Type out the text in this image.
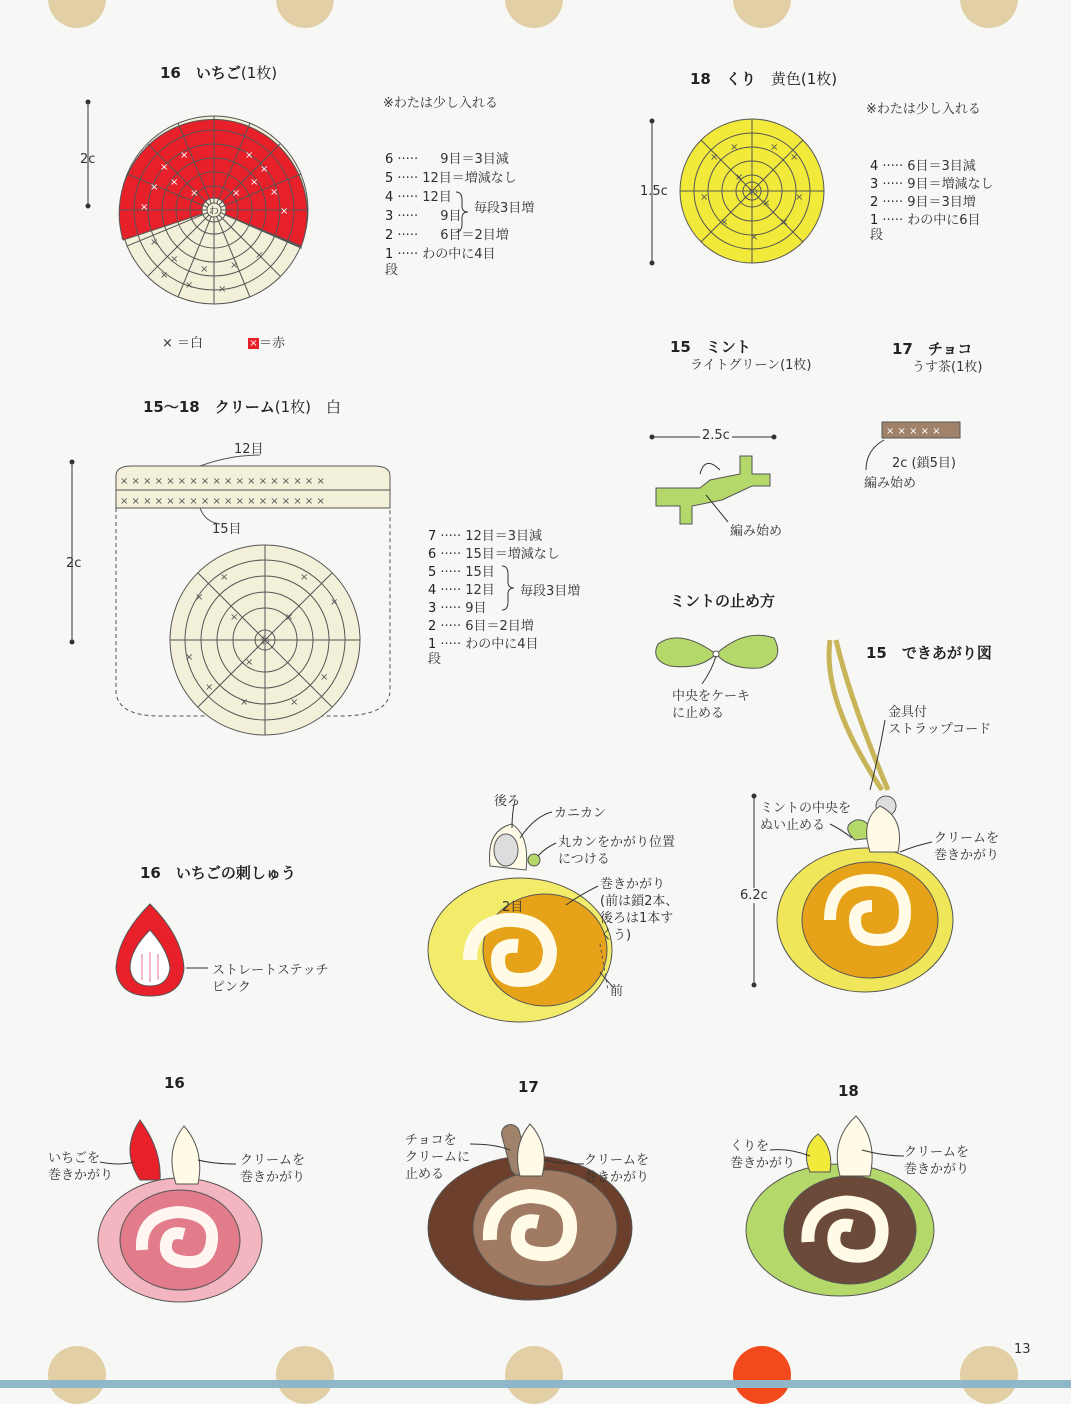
×
×	×
×
× ×	×
×
×	×
×	×
×
×
× ×
×
× ×
×
わ
×
×	×
×
×
×
×
×
×
×
×
わ
× × × × × × × × × × × × × × × × × ×
× × × × × × × × × × × × × × × × × ×
×
×	×
×
×
×
×	×
×
×	×
×
わ
× × × × ×
16　いちご(1枚)
※わたは少し入れる
2c	6 ····· 9目＝3目減
5 ····· 12目＝増減なし
4 ····· 12目
3 ····· 9目
2 ····· 6目＝2目増
1 ····· わの中に4目
段
毎段3目増
× ＝白	×＝赤
18　くり　 黄色(1枚)
※わたは少し入れる
1.5c
4 ····· 6目＝3目減
3 ····· 9目＝増減なし
2 ····· 9目＝3目増
1 ····· わの中に6目
段
15　ミント
ライトグリーン(1枚)
2.5c
編み始め
17　チョコ
うす茶(1枚)
2c (鎖5目)
編み始め
15〜18　クリーム(1枚)　白
12目
15目
2c
7 ····· 12目＝3目減
6 ····· 15目＝増減なし
5 ····· 15目
4 ····· 12目
3 ····· 9目
2 ····· 6目＝2目増
1 ····· わの中に4目
段
毎段3目増
ミントの止め方
中央をケーキ
に止める
15　できあがり図
金具付
ストラップコード
ミントの中央を
ぬい止める
クリームを
巻きかがり
6.2c
後ろ
カニカン
丸カンをかがり位置
につける
巻きかがり
(前は鎖2本、
後ろは1本す
くう)
2目
前
16　いちごの刺しゅう
ストレートステッチ
ピンク
16
いちごを
巻きかがり
クリームを
巻きかがり
17
チョコを
クリームに
止める
クリームを
巻きかがり
18
くりを
巻きかがり
クリームを
巻きかがり
13
